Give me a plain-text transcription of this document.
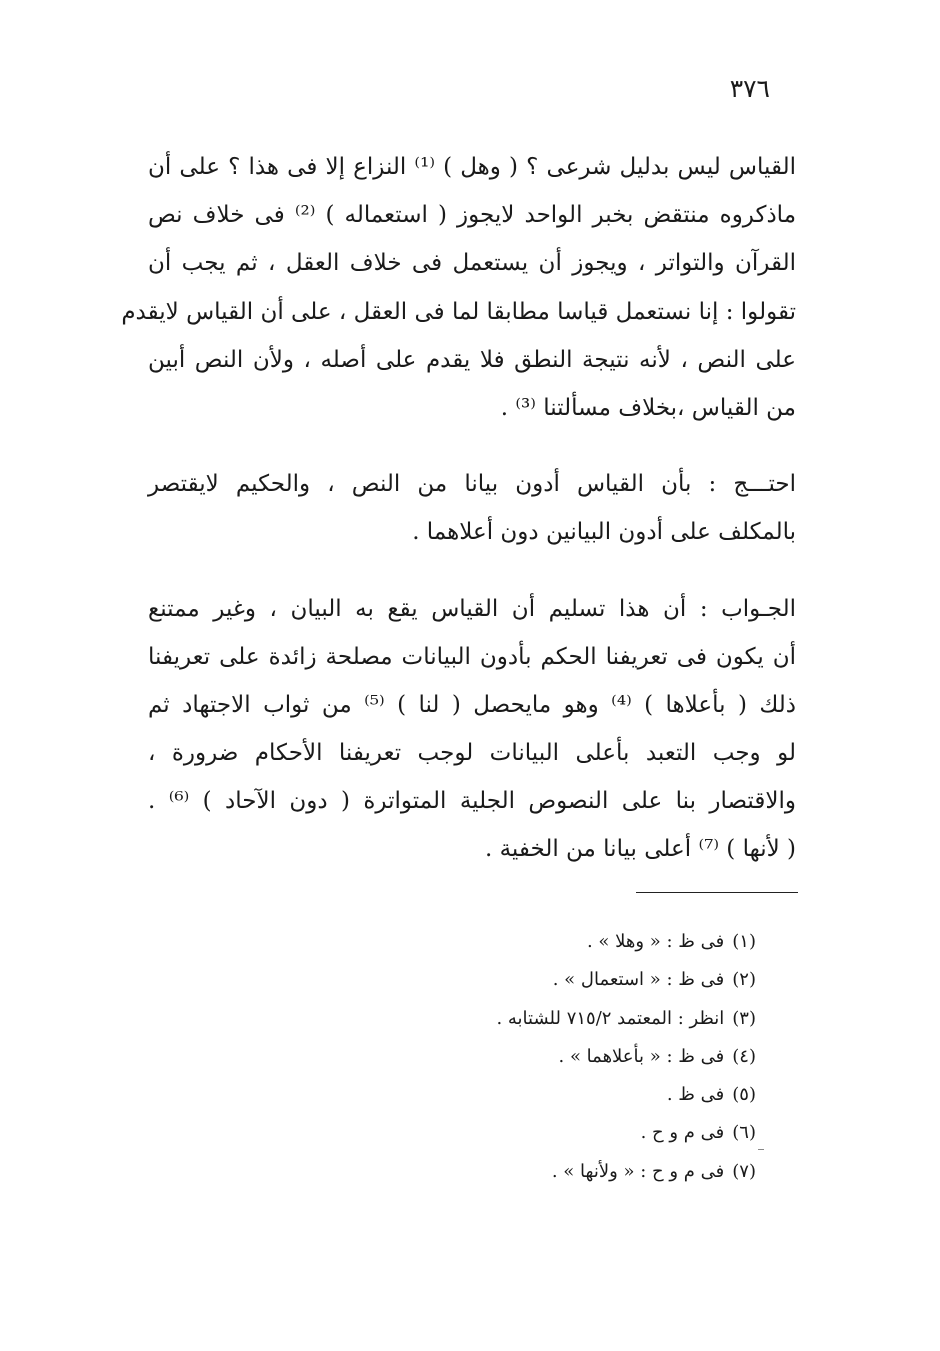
٣٧٦
القياس ليس بدليل شرعى ؟ ( وهل ) ⁽¹⁾ النزاع إلا فى هذا ؟ على أن
ماذكروه منتقض بخبر الواحد لايجوز ( استعماله ) ⁽²⁾ فى خلاف نص
القرآن والتواتر ، ويجوز أن يستعمل فى خلاف العقل ، ثم يجب أن
تقولوا : إنا نستعمل قياسا مطابقا لما فى العقل ، على أن القياس لايقدم
على النص ، لأنه نتيجة النطق فلا يقدم على أصله ، ولأن النص أبين
من القياس ،بخلاف مسألتنا ⁽³⁾ .
احتـــج : بأن القياس أدون بيانا من النص ، والحكيم لايقتصر
بالمكلف على أدون البيانين دون أعلاهما .
الجـواب : أن هذا تسليم أن القياس يقع به البيان ، وغير ممتنع
أن يكون فى تعريفنا الحكم بأدون البيانات مصلحة زائدة على تعريفنا
ذلك ( بأعلاها ) ⁽⁴⁾ وهو مايحصل ( لنا ) ⁽⁵⁾ من ثواب الاجتهاد ثم
لو وجب التعبد بأعلى البيانات لوجب تعريفنا الأحكام ضرورة ،
والاقتصار بنا على النصوص الجلية المتواترة ( دون الآحاد ) ⁽⁶⁾ .
( لأنها ) ⁽⁷⁾ أعلى بيانا من الخفية .
(١)فى ظ : « وهلا » .
(٢)فى ظ : « استعمال » .
(٣)انظر : المعتمد ٧١٥/٢ للشتابه .
(٤)فى ظ : « بأعلاهما » .
(٥)فى ظ .
(٦)فى م و ح .
(٧)فى م و ح : « ولأنها » .
